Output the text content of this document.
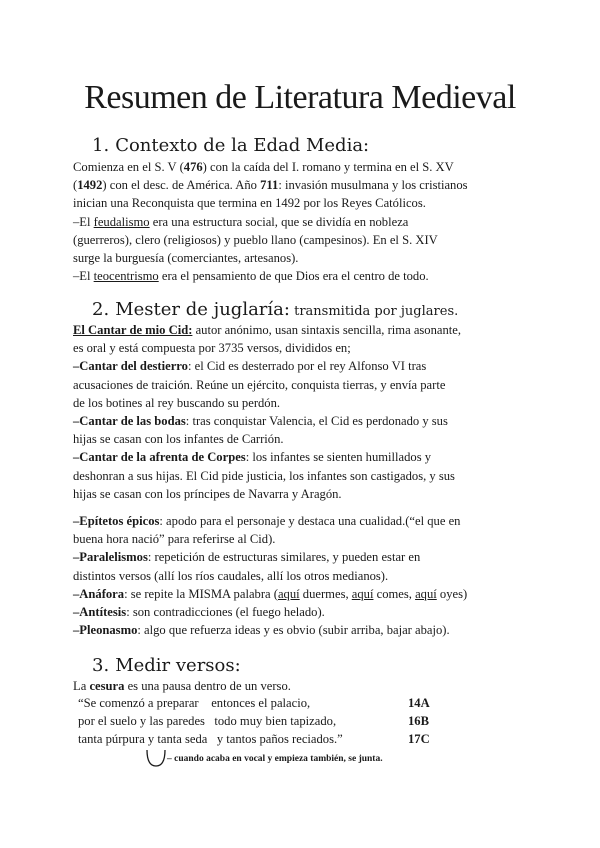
Resumen de Literatura Medieval
1. Contexto de la Edad Media:
Comienza en el S. V (476) con la caída del I. romano y termina en el S. XV
(1492) con el desc. de América. Año 711: invasión musulmana y los cristianos
inician una Reconquista que termina en 1492 por los Reyes Católicos.
–El feudalismo era una estructura social, que se dividía en nobleza
(guerreros), clero (religiosos) y pueblo llano (campesinos). En el S. XIV
surge la burguesía (comerciantes, artesanos).
–El teocentrismo era el pensamiento de que Dios era el centro de todo.
2. Mester de juglaría: transmitida por juglares.
El Cantar de mio Cid: autor anónimo, usan sintaxis sencilla, rima asonante,
es oral y está compuesta por 3735 versos, divididos en;
–Cantar del destierro: el Cid es desterrado por el rey Alfonso VI tras
acusaciones de traición. Reúne un ejército, conquista tierras, y envía parte
de los botines al rey buscando su perdón.
–Cantar de las bodas: tras conquistar Valencia, el Cid es perdonado y sus
hijas se casan con los infantes de Carrión.
–Cantar de la afrenta de Corpes: los infantes se sienten humillados y
deshonran a sus hijas. El Cid pide justicia, los infantes son castigados, y sus
hijas se casan con los príncipes de Navarra y Aragón.
–Epítetos épicos: apodo para el personaje y destaca una cualidad.(“el que en
buena hora nació” para referirse al Cid).
–Paralelismos: repetición de estructuras similares, y pueden estar en
distintos versos (allí los ríos caudales, allí los otros medianos).
–Anáfora: se repite la MISMA palabra (aquí duermes, aquí comes, aquí oyes)
–Antítesis: son contradicciones (el fuego helado).
–Pleonasmo: algo que refuerza ideas y es obvio (subir arriba, bajar abajo).
3. Medir versos:
La cesura es una pausa dentro de un verso.
“Se comenzó a preparar    entonces el palacio,
por el suelo y las paredes   todo muy bien tapizado,
tanta púrpura y tanta seda   y tantos paños reciados.”
14A
16B
17C
– cuando acaba en vocal y empieza también, se junta.
